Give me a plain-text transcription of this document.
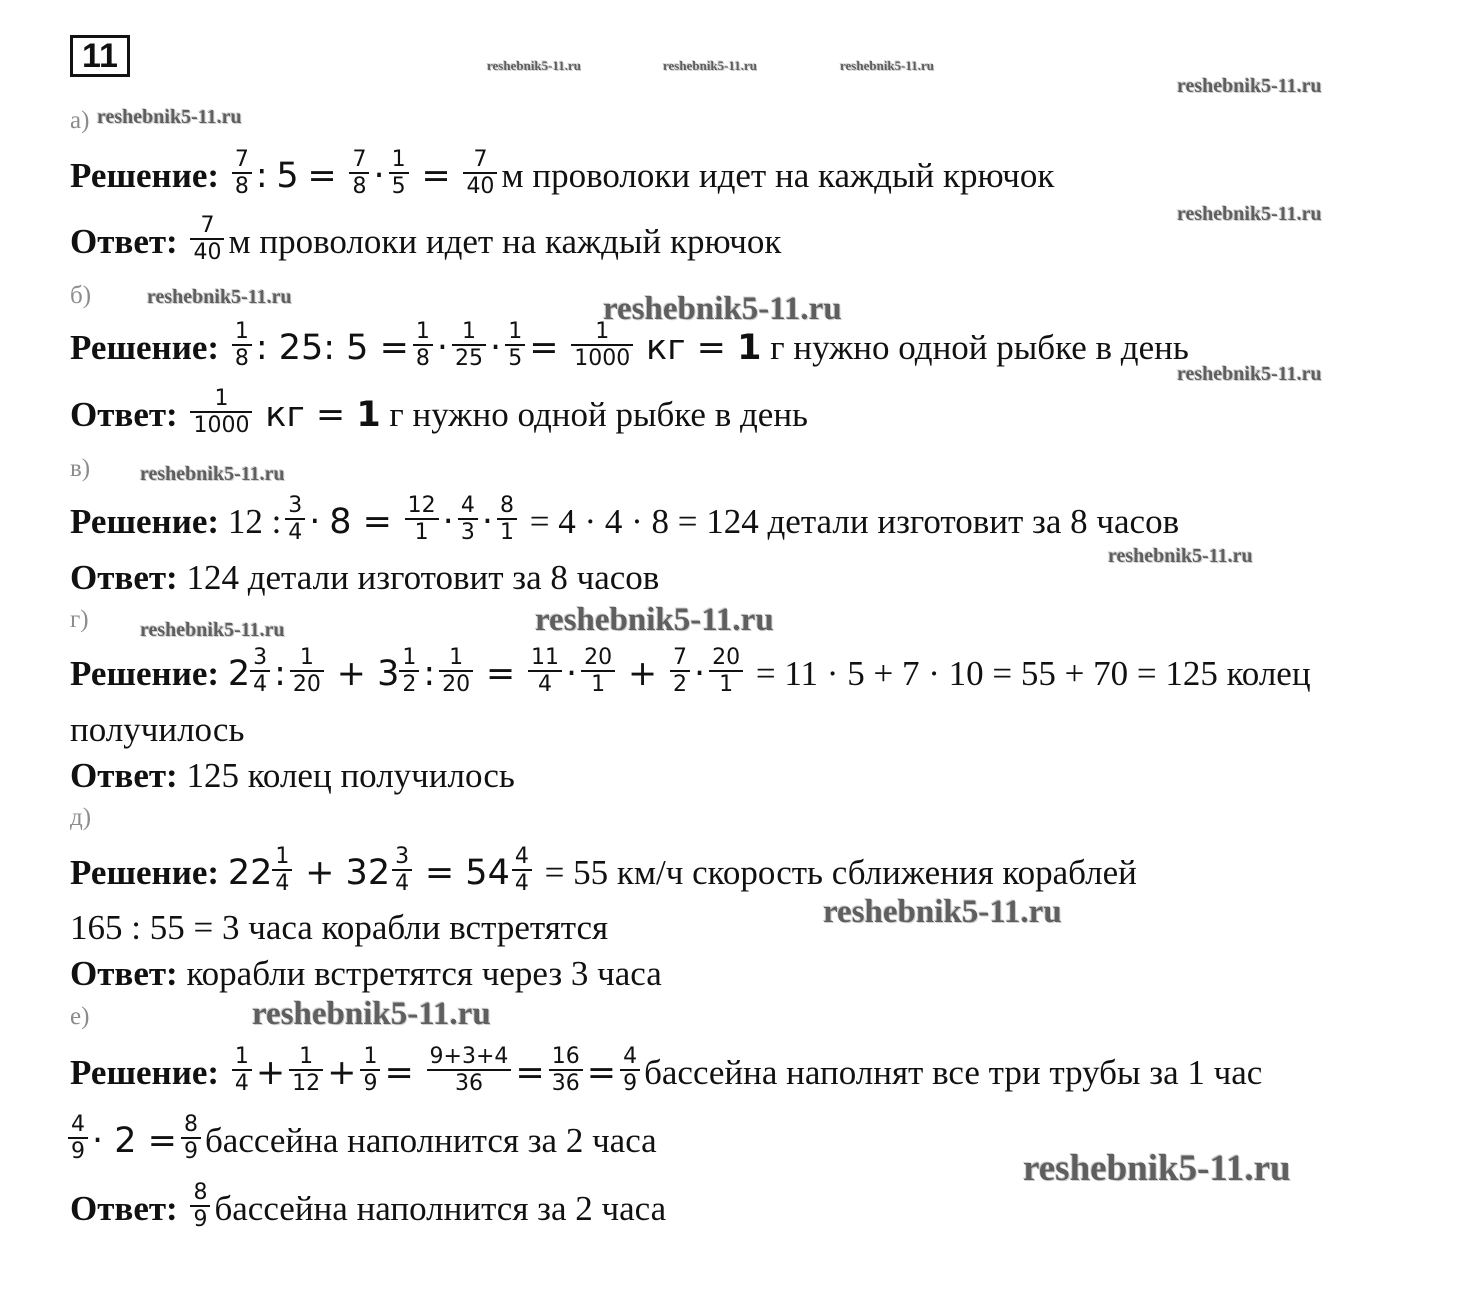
11	reshebnik5-11.ru	reshebnik5-11.ru	reshebnik5-11.ru
reshebnik5-11.ru
reshebnik5-11.ru
reshebnik5-11.ru
reshebnik5-11.ru	reshebnik5-11.ru
reshebnik5-11.ru
reshebnik5-11.ru
reshebnik5-11.ru
reshebnik5-11.ru
reshebnik5-11.ru
reshebnik5-11.ru
reshebnik5-11.ru
reshebnik5-11.ru
а)
Решение: $\frac{7}{8}$ : $5 = \frac{7}{8} \cdot \frac{1}{5} = \frac{7}{40}$ м проволоки идет на каждый крючок
Ответ: $\frac{7}{40}$ м проволоки идет на каждый крючок
б)
Решение: $\frac{1}{8}$ : 25: $5 = \frac{1}{8} \cdot \frac{1}{25} \cdot \frac{1}{5} = \frac{1}{1000}$ кг = 1 г нужно одной рыбке в день
Ответ: $\frac{1}{1000}$ кг = 1 г нужно одной рыбке в день
в)
Решение: 12 : $\frac{3}{4} \cdot 8 = \frac{12}{1} \cdot \frac{4}{3} \cdot \frac{8}{1} = 4 \cdot 4 \cdot 8 = 124$ детали изготовит за 8 часов
Ответ: 124 детали изготовит за 8 часов
г)
Решение: $2 \frac{3}{4}$ : $\frac{1}{20} + 3 \frac{1}{2}$ : $\frac{1}{20} = \frac{11}{4} \cdot \frac{20}{1} + \frac{7}{2} \cdot \frac{20}{1} = 11 \cdot 5 + 7 \cdot 10 = 55 + 70 = 125$ колец
получилось
Ответ: 125 колец получилось
д)
Решение: $22 \frac{1}{4} + 32 \frac{3}{4} = 54 \frac{4}{4} = 55$ км/ч скорость сближения кораблей
165 : 55 = 3 часа корабли встретятся
Ответ: корабли встретятся через 3 часа
е)
Решение: $\frac{1}{4} + \frac{1}{12} + \frac{1}{9} = \frac{9+3+4}{36} = \frac{16}{36} = \frac{4}{9}$ бассейна наполнят все три трубы за 1 час
$\frac{4}{9} \cdot 2 = \frac{8}{9}$ бассейна наполнится за 2 часа
Ответ: $\frac{8}{9}$ бассейна наполнится за 2 часа
